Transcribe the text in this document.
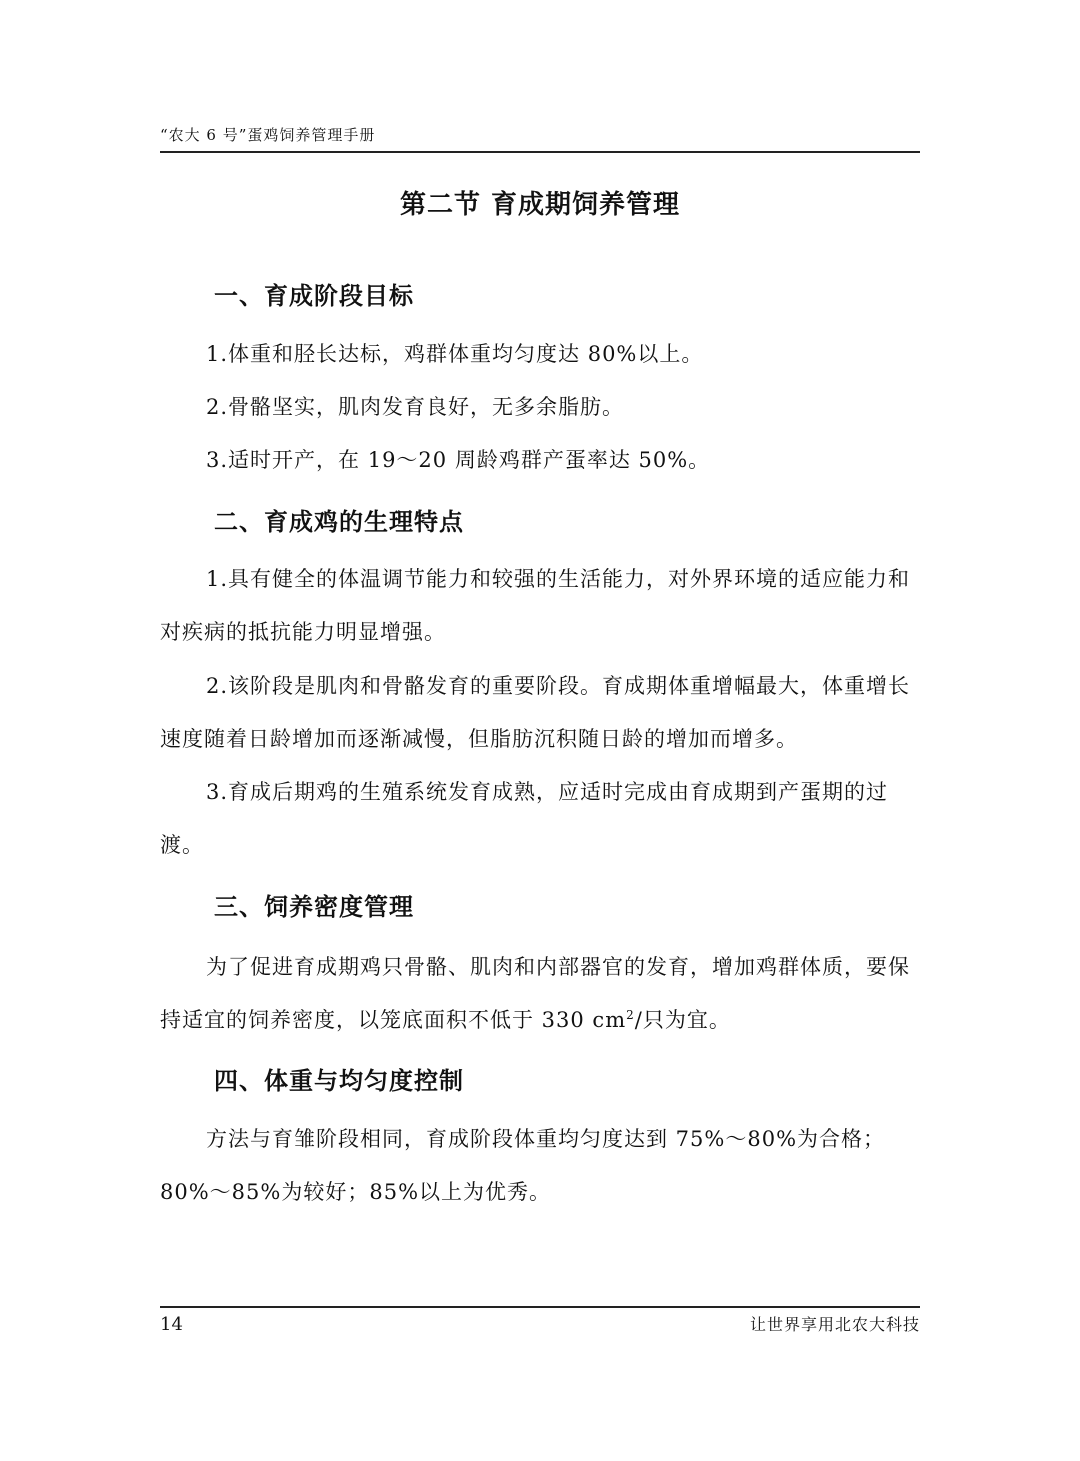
“农大 6 号”蛋鸡饲养管理手册
第二节 育成期饲养管理
一、育成阶段目标

1.体重和胫长达标，鸡群体重均匀度达 80%以上。

2.骨骼坚实，肌肉发育良好，无多余脂肪。

3.适时开产，在 19～20 周龄鸡群产蛋率达 50%。

二、育成鸡的生理特点

1.具有健全的体温调节能力和较强的生活能力，对外界环境的适应能力和对疾病的抵抗能力明显增强。

2.该阶段是肌肉和骨骼发育的重要阶段。育成期体重增幅最大，体重增长速度随着日龄增加而逐渐减慢，但脂肪沉积随日龄的增加而增多。

3.育成后期鸡的生殖系统发育成熟，应适时完成由育成期到产蛋期的过渡。

三、饲养密度管理

为了促进育成期鸡只骨骼、肌肉和内部器官的发育，增加鸡群体质，要保持适宜的饲养密度，以笼底面积不低于 330 $cm^2/$只为宜。

四、体重与均匀度控制

方法与育雏阶段相同，育成阶段体重均匀度达到 75%～80%为合格；80%～85%为较好；85%以上为优秀。

14	让世界享用北农大科技
